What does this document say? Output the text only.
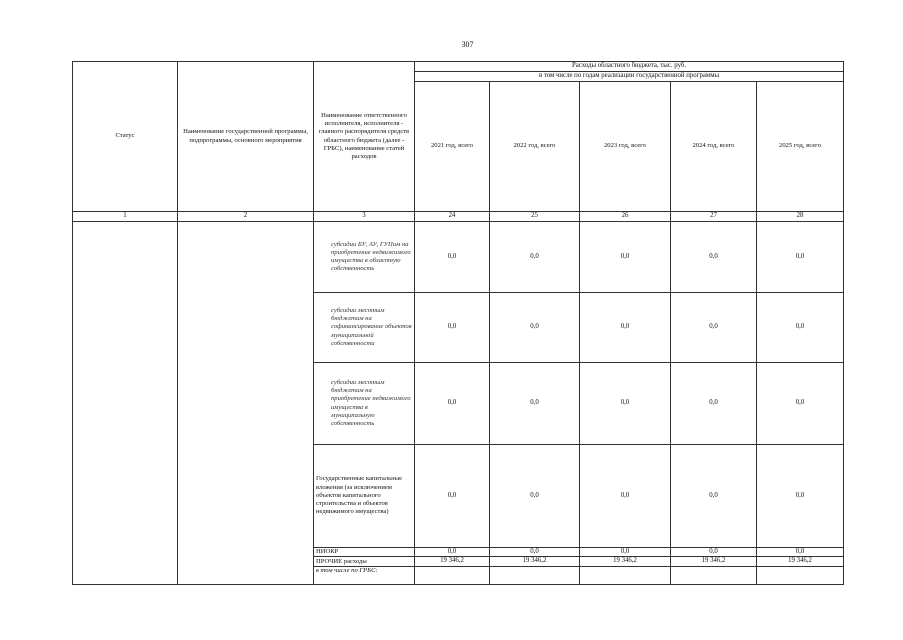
307
Статус	Наименование государственной программы, подпрограммы, основного мероприятия	Наименование ответственного исполнителя, исполнителя - главного распорядителя средств областного бюджета (далее - ГРБС), наименование статей расходов	Расходы областного бюджета, тыс. руб.				
			в том числе по годам реализации государственной программы				
			2021 год, всего	2022 год, всего	2023 год, всего	2024 год, всего	2025 год, всего
1	2	3	24	25	26	27	28
		субсидии БУ, АУ, ГУПам на приобретение недвижимого имущества в областную собственность	0,0	0,0	0,0	0,0	0,0
		субсидии местным бюджетам на софинансирование объектов муниципальной собственности	0,0	0,0	0,0	0,0	0,0
		субсидии местным бюджетам на приобретение недвижимого имущества в муниципальную собственность	0,0	0,0	0,0	0,0	0,0
		Государственные капитальные вложения (за исключением объектов капитального строительства и объектов недвижимого имущества)	0,0	0,0	0,0	0,0	0,0
		НИОКР	0,0	0,0	0,0	0,0	0,0
		ПРОЧИЕ расходы	19 346,2	19 346,2	19 346,2	19 346,2	19 346,2
		в том числе по ГРБС:					
